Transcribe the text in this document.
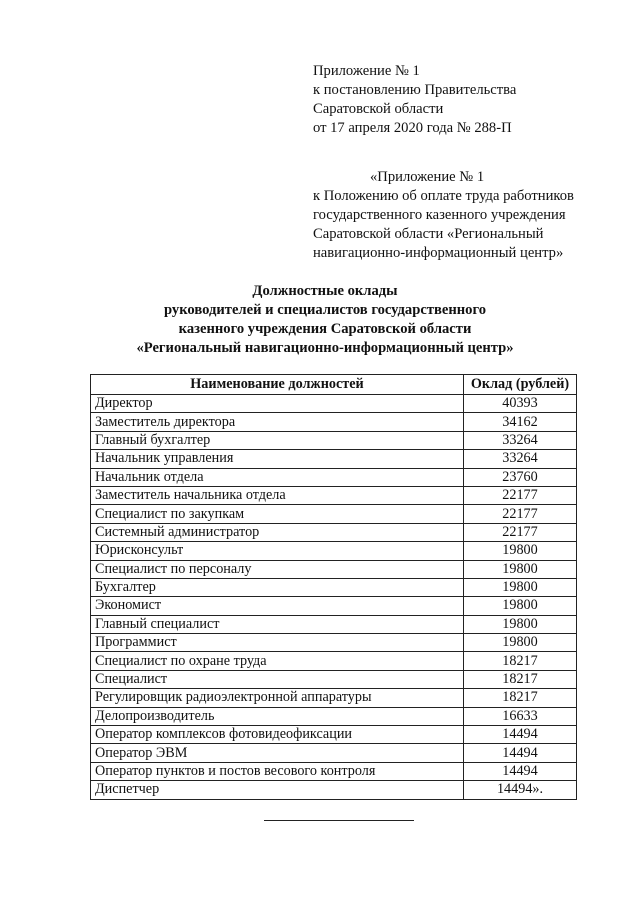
Приложение № 1
к постановлению Правительства
Саратовской области
от 17 апреля 2020 года № 288-П
«Приложение № 1
к Положению об оплате труда работников
государственного казенного учреждения
Саратовской области «Региональный
навигационно-информационный центр»
Должностные оклады
руководителей и специалистов государственного
казенного учреждения Саратовской области
«Региональный навигационно-информационный центр»
Наименование должностей	Оклад (рублей)
Директор	40393
Заместитель директора	34162
Главный бухгалтер	33264
Начальник управления	33264
Начальник отдела	23760
Заместитель начальника отдела	22177
Специалист по закупкам	22177
Системный администратор	22177
Юрисконсульт	19800
Специалист по персоналу	19800
Бухгалтер	19800
Экономист	19800
Главный специалист	19800
Программист	19800
Специалист по охране труда	18217
Специалист	18217
Регулировщик радиоэлектронной аппаратуры	18217
Делопроизводитель	16633
Оператор комплексов фотовидеофиксации	14494
Оператор ЭВМ	14494
Оператор пунктов и постов весового контроля	14494
Диспетчер	14494».
